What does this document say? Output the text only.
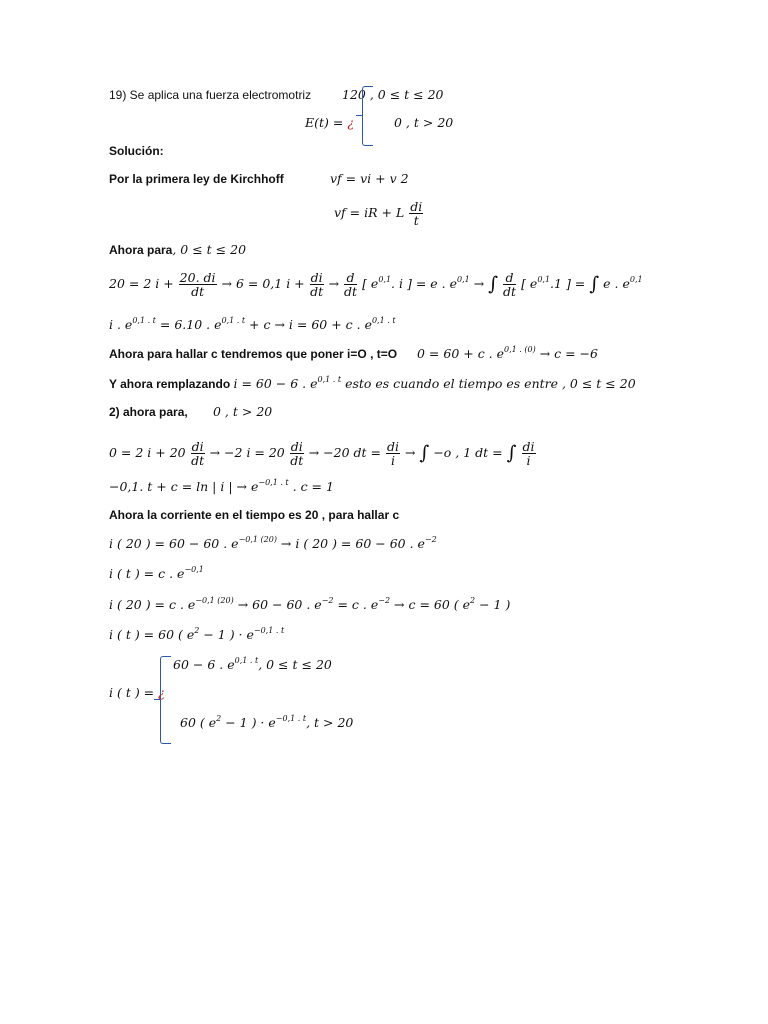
19) Se aplica una fuerza electromotriz 120 , 0 ≤ t ≤ 20
E(t) = ¿	0 , t > 20
Solución:
Por la primera ley de Kirchhoff	vf = vi + v 2
vf = iR + L $\frac{di}{t}$
Ahora para, 0 ≤ t ≤ 20
20 = 2 $i + \frac{20. di}{dt} \to 6 = 0,1$ $i + \frac{di}{dt} \to \frac{d}{dt}$ [ $e^{0,1}$. i ] = e . $e^{0,1}$ → ∫ $\frac{d}{dt}$ [ $e^{0,1}.1$ ] = ∫ e . $e^{0,1}$
i . $e^{0,1 . t} = 6.10$ . $e^{0,1 . t} + c \to i = 60 + c$ . $e^{0,1 . t}$
Ahora para hallar c tendremos que poner i=O , t=O 0 = 60 + c . $e^{0,1 . (0)} \to c = -6$
Y ahora remplazando i = 60 − 6 . $e^{0,1 . t}$ esto es cuando el tiempo es entre , 0 ≤ t ≤ 20
2) ahora para, 0 , t > 20
0 = 2 $i + 20 \frac{di}{dt} \to -2$ $i = 20 \frac{di}{dt} \to -20$ dt = $\frac{di}{i}$ → ∫ −o , 1 dt = ∫ $\frac{di}{i}$
−0,1. t + c = ln | i | → $e^{-0,1 . t}$ . c = 1
Ahora la corriente en el tiempo es 20 , para hallar c
i ( 20 ) = 60 − 60 . $e^{-0,1 (20)} \to i$ ( 20 ) = 60 − 60 . $e^{-2}$
i ( t ) = c . $e^{-0,1}$
i ( 20 ) = c . $e^{-0,1 (20)} \to 60 - 60$ . $e^{-2} = c$ . $e^{-2} \to c = 60$ ( $e^2 - 1$ )
i ( t ) = 60 ( $e^2 - 1$ ) · $e^{-0,1 . t}$
60 − 6 . $e^{0,1 . t}$, 0 ≤ t ≤ 20
i ( t ) = ¿
60 ( $e^2 - 1$ ) · $e^{-0,1 . t}$, t > 20
